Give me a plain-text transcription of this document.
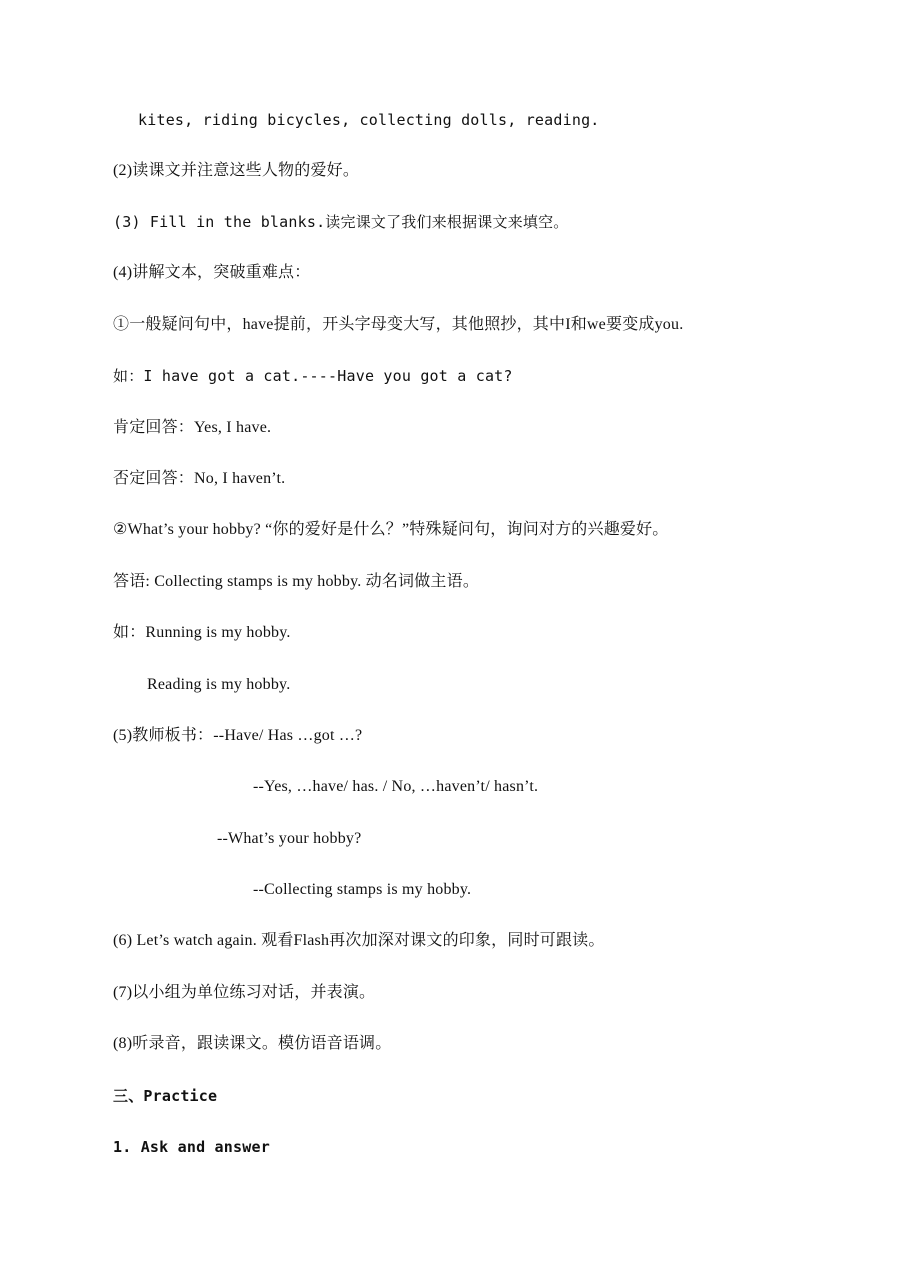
kites, riding bicycles, collecting dolls, reading.
(2)读课文并注意这些人物的爱好。
(3) Fill in the blanks.读完课文了我们来根据课文来填空。
(4)讲解文本，突破重难点：
①一般疑问句中，have提前，开头字母变大写，其他照抄，其中I和we要变成you.
如：I have got a cat.----Have you got a cat?
肯定回答：Yes, I have.
否定回答：No, I haven’t.
②What’s your hobby? “你的爱好是什么？”特殊疑问句，询问对方的兴趣爱好。
答语: Collecting stamps is my hobby. 动名词做主语。
如：Running is my hobby.
Reading is my hobby.
(5)教师板书：--Have/ Has …got …?
--Yes, …have/ has. / No, …haven’t/ hasn’t.
--What’s your hobby?
--Collecting stamps is my hobby.
(6) Let’s watch again. 观看Flash再次加深对课文的印象，同时可跟读。
(7)以小组为单位练习对话，并表演。
(8)听录音，跟读课文。模仿语音语调。
三、Practice
1. Ask and answer
